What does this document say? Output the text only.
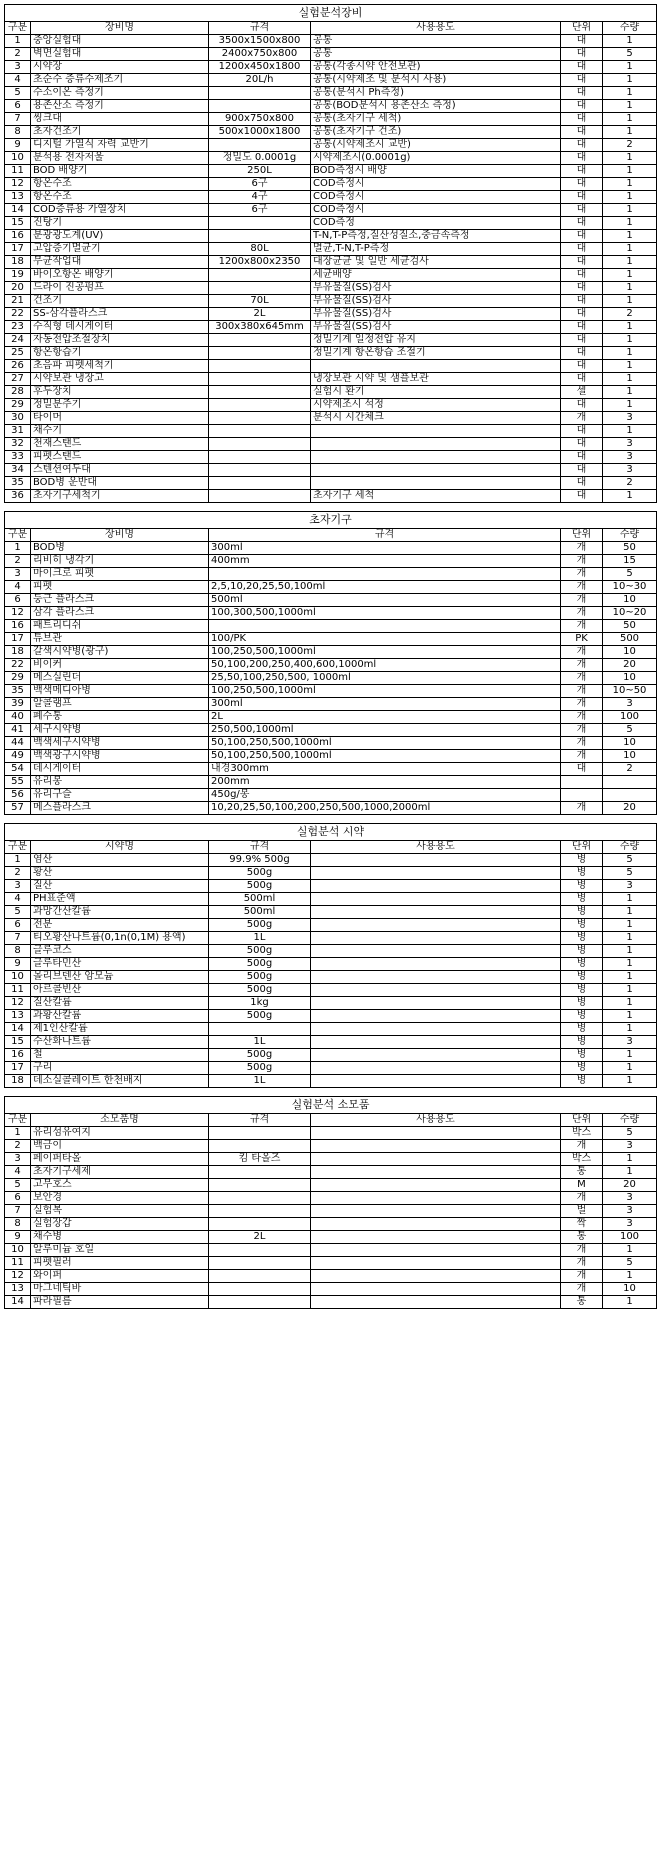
실험분석장비					
구분	장비명	규격	사용용도	단위	수량
1	중앙실험대	3500x1500x800	공통	대	1
2	벽면실험대	2400x750x800	공통	대	5
3	시약장	1200x450x1800	공통(각종시약 안전보관)	대	1
4	초순수 증류수제조기	20L/h	공통(시약제조 및 분석시 사용)	대	1
5	수소이온 측정기		공통(분석시 Ph측정)	대	1
6	용존산소 측정기		공통(BOD분석시 용존산소 측정)	대	1
7	씽크대	900x750x800	공통(초자기구 세척)	대	1
8	초자건조기	500x1000x1800	공통(초자기구 건조)	대	1
9	디지털 가열식 자력 교반기		공통(시약제조시 교반)	대	2
10	분석용 전자저울	정밀도 0.0001g	시약제조시(0.0001g)	대	1
11	BOD 배양기	250L	BOD측정시 배양	대	1
12	항온수조	6구	COD측정시	대	1
13	항온수조	4구	COD측정시	대	1
14	COD증류용 가열장치	6구	COD측정시	대	1
15	진탕기		COD측정	대	1
16	분광광도계(UV)		T-N,T-P측정,질산성질소,중금속측정	대	1
17	고압증기멸균기	80L	멸균,T-N,T-P측정	대	1
18	무균작업대	1200x800x2350	대장균균 및 일반 세균검사	대	1
19	바이오항온 배양기		세균배양	대	1
20	드라이 진공펌프		부유물질(SS)검사	대	1
21	건조기	70L	부유물질(SS)검사	대	1
22	SS-삼각플라스크	2L	부유물질(SS)검사	대	2
23	수직형 데시게이터	300x380x645mm	부유물질(SS)검사	대	1
24	자동전압조절장치		정밀기계 일정전압 유지	대	1
25	항온항습기		정밀기계 항온항습 조절기	대	1
26	초음파 피펫세척기			대	1
27	시약보관 냉장고		냉장보관 시약 및 샘플보관	대	1
28	후두장치		실험시 환기	셀	1
29	정밀분주기		시약제조시 석정	대	1
30	타이머		분석시 시간체크	개	3
31	채수기			대	1
32	천재스탠드			대	3
33	피펫스탠드			대	3
34	스텐션여두대			대	3
35	BOD병 운반대			대	2
36	초자기구세척기		초자기구 세척	대	1
초자기구				
구분	장비명	규격	단위	수량
1	BOD병	300ml	개	50
2	리비히 냉각기	400mm	개	15
3	마이크로 피펫		개	5
4	피펫	2,5,10,20,25,50,100ml	개	10~30
6	둥근 플라스크	500ml	개	10
12	삼각 플라스크	100,300,500,1000ml	개	10~20
16	패트리디쉬		개	50
17	튜브관	100/PK	PK	500
18	갈색시약병(광구)	100,250,500,1000ml	개	10
22	비이커	50,100,200,250,400,600,1000ml	개	20
29	메스실린더	25,50,100,250,500, 1000ml	개	10
35	백색메디아병	100,250,500,1000ml	개	10~50
39	알콜램프	300ml	개	3
40	폐수통	2L	개	100
41	세구시약병	250,500,1000ml	개	5
44	백색세구시약병	50,100,250,500,1000ml	개	10
49	백색광구시약병	50,100,250,500,1000ml	개	10
54	데시게이터	내경300mm	대	2
55	유리봉	200mm		
56	유리구슬	450g/봉		
57	메스플라스크	10,20,25,50,100,200,250,500,1000,2000ml	개	20
실험분석 시약					
구분	시약명	규격	사용용도	단위	수량
1	염산	99.9% 500g		병	5
2	황산	500g		병	5
3	질산	500g		병	3
4	PH표준액	500ml		병	1
5	과망간산칼륨	500ml		병	1
6	전분	500g		병	1
7	티오황산나트륨(0,1n(0,1M) 용액)	1L		병	1
8	글루코스	500g		병	1
9	글루타민산	500g		병	1
10	몰리브덴산 암모늄	500g		병	1
11	아르콜빈산	500g		병	1
12	질산칼륨	1kg		병	1
13	과황산칼륨	500g		병	1
14	제1인산칼륨			병	1
15	수산화나트륨	1L		병	3
16	철	500g		병	1
17	구리	500g		병	1
18	데소실콜레이트 한천배지	1L		병	1
실험분석 소모품					
구분	소모품명	규격	사용용도	단위	수량
1	유리섬유여지			박스	5
2	백금이			개	3
3	페이퍼타올	킴 타올즈		박스	1
4	초자기구세제			통	1
5	고무호스			M	20
6	보안경			개	3
7	실험복			벌	3
8	실험장갑			짝	3
9	채수병	2L		통	100
10	알루미늄 호일			개	1
11	피펫필러			개	5
12	와이퍼			개	1
13	마그네틱바			개	10
14	파라필름			통	1
